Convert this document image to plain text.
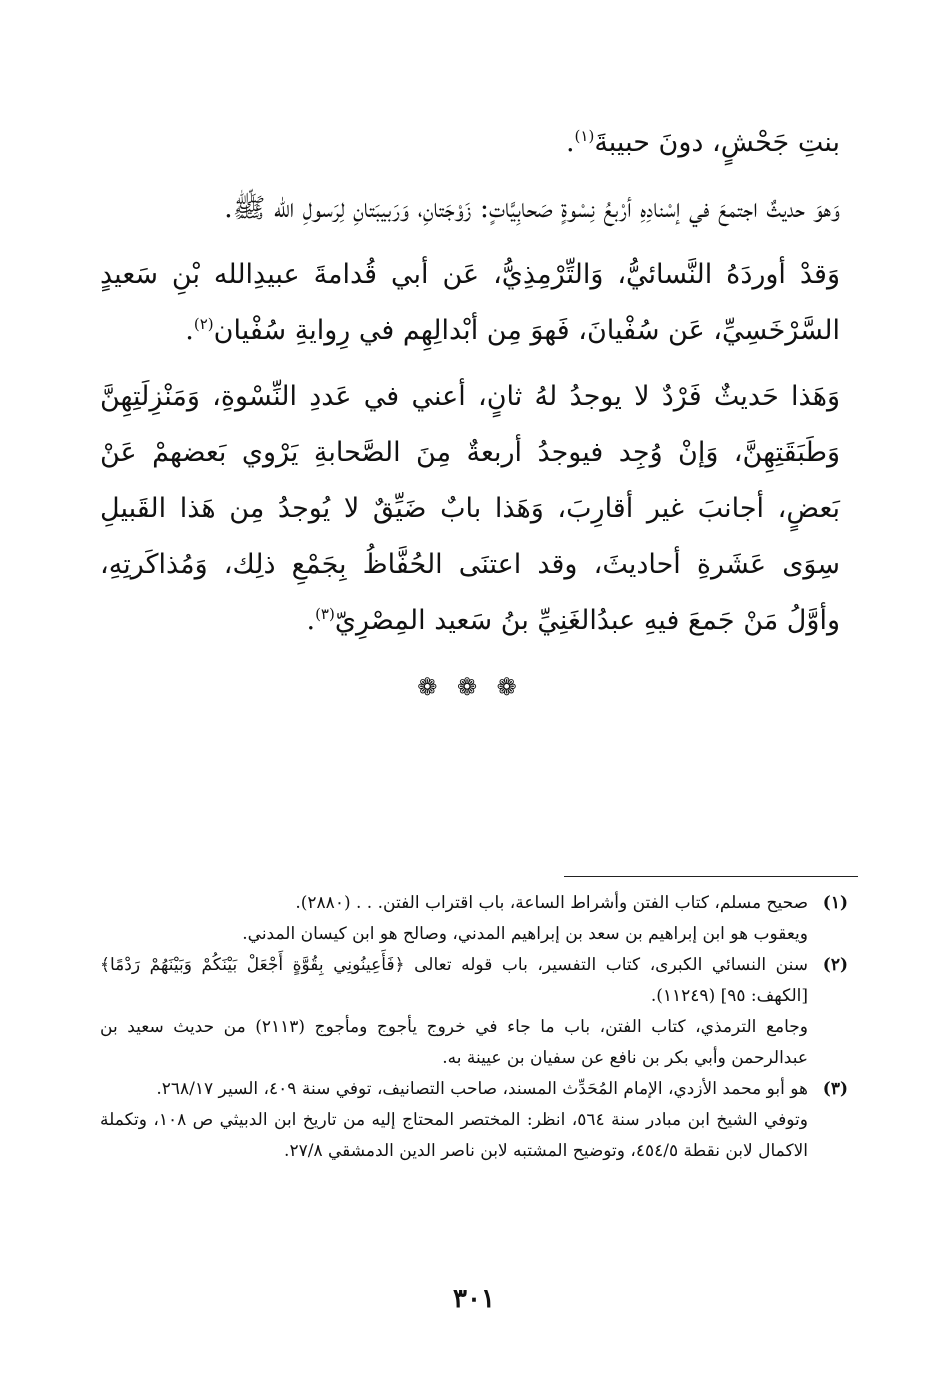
بنتِ جَحْشٍ، دونَ حبيبةَ$^{(١)}$.

وَهوَ حديثٌ اجتمعَ في إسْنادِهِ أرْبعُ نِسْوةٍ صَحابِيَّاتٍ: زَوْجَتانِ، وَرَبيبَتانِ لِرَسولِ الله ﷺ.

وَقدْ أوردَهُ النَّسائيُّ، وَالتِّرْمِذِيُّ، عَن أبي قُدامةَ عبيدِالله بْنِ سَعيدٍ السَّرْخَسِيِّ، عَن سُفْيانَ، فَهوَ مِن أبْدالِهِم في رِوايةِ سُفْيان$^{(٢)}$.

وَهَذا حَديثٌ فَرْدٌ لا يوجدُ لهُ ثانٍ، أعني في عَددِ النِّسْوةِ، وَمَنْزِلَتِهِنَّ وَطَبَقَتِهِنَّ، وَإنْ وُجِد فيوجدُ أربعةٌ مِنَ الصَّحابةِ يَرْوي بَعضهمْ عَنْ بَعضٍ، أجانبَ غير أقارِبَ، وَهَذا بابٌ ضَيِّقٌ لا يُوجدُ مِن هَذا القَبيلِ سِوَى عَشَرةِ أحاديثَ، وقد اعتنَى الحُفَّاظُ بِجَمْعِ ذلِك، وَمُذاكَرتِهِ، وأوَّلُ مَنْ جَمعَ فيهِ عبدُالغَنِيِّ بنُ سَعيد المِصْرِيّ$^{(٣)}$.

❁ ❁ ❁
(١)
صحيح مسلم، كتاب الفتن وأشراط الساعة، باب اقتراب الفتن. . . (٢٨٨٠).
ويعقوب هو ابن إبراهيم بن سعد بن إبراهيم المدني، وصالح هو ابن كيسان المدني.
(٢)
سنن النسائي الكبرى، كتاب التفسير، باب قوله تعالى ﴿فَأَعِينُونِي بِقُوَّةٍ أَجْعَلْ بَيْنَكُمْ وَبَيْنَهُمْ رَدْمًا﴾ [الكهف: ٩٥] (١١٢٤٩).
وجامع الترمذي، كتاب الفتن، باب ما جاء في خروج يأجوج ومأجوج (٢١١٣) من حديث سعيد بن عبدالرحمن وأبي بكر بن نافع عن سفيان بن عيينة به.
(٣)
هو أبو محمد الأزدي، الإمام المُحَدِّث المسند، صاحب التصانيف، توفي سنة ٤٠٩، السير ٢٦٨/١٧.
وتوفي الشيخ ابن مبادر سنة ٥٦٤، انظر: المختصر المحتاج إليه من تاريخ ابن الدبيثي ص ١٠٨، وتكملة الاكمال لابن نقطة ٤٥٤/٥، وتوضيح المشتبه لابن ناصر الدين الدمشقي ٢٧/٨.
٣٠١
